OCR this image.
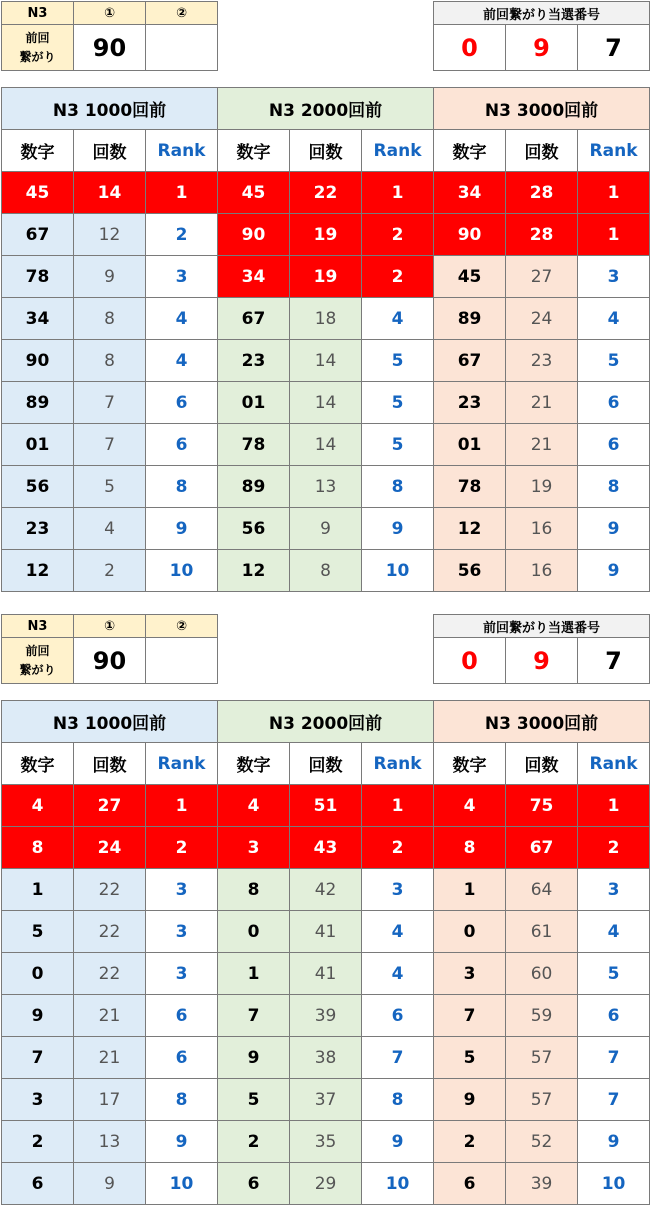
N3	①	②
前回
繋がり	90	
前回繋がり当選番号
0	9	7
N3 1000回前			N3 2000回前			N3 3000回前		
数字	回数	Rank	数字	回数	Rank	数字	回数	Rank
45	14	1	45	22	1	34	28	1
67	12	2	90	19	2	90	28	1
78	9	3	34	19	2	45	27	3
34	8	4	67	18	4	89	24	4
90	8	4	23	14	5	67	23	5
89	7	6	01	14	5	23	21	6
01	7	6	78	14	5	01	21	6
56	5	8	89	13	8	78	19	8
23	4	9	56	9	9	12	16	9
12	2	10	12	8	10	56	16	9
N3	①	②
前回
繋がり	90	
前回繋がり当選番号
0	9	7
N3 1000回前			N3 2000回前			N3 3000回前		
数字	回数	Rank	数字	回数	Rank	数字	回数	Rank
4	27	1	4	51	1	4	75	1
8	24	2	3	43	2	8	67	2
1	22	3	8	42	3	1	64	3
5	22	3	0	41	4	0	61	4
0	22	3	1	41	4	3	60	5
9	21	6	7	39	6	7	59	6
7	21	6	9	38	7	5	57	7
3	17	8	5	37	8	9	57	7
2	13	9	2	35	9	2	52	9
6	9	10	6	29	10	6	39	10
